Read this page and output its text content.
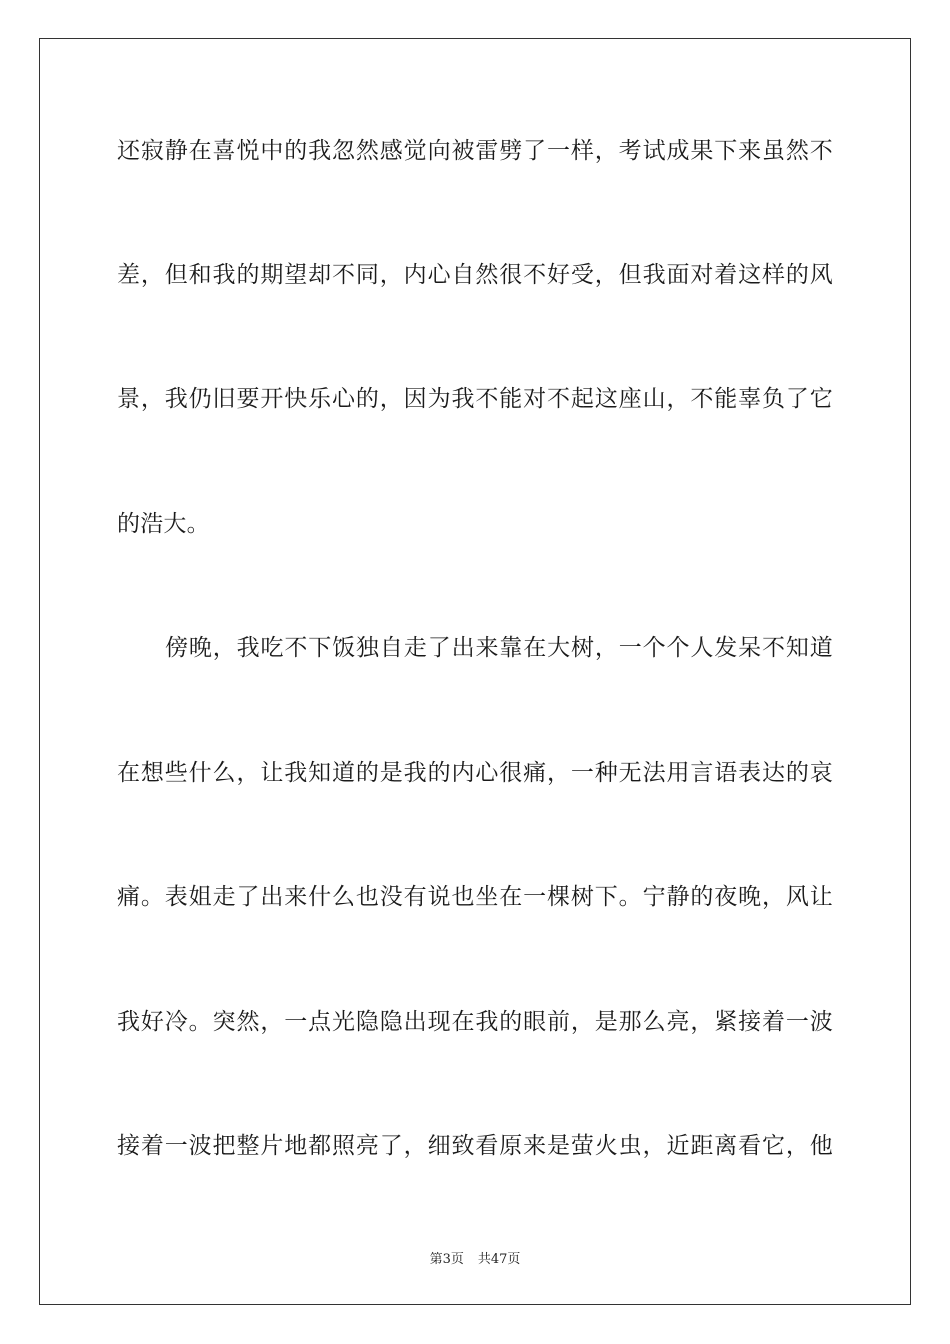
还寂静在喜悦中的我忽然感觉向被雷劈了一样，考试成果下来虽然不
差，但和我的期望却不同，内心自然很不好受，但我面对着这样的风
景，我仍旧要开快乐心的，因为我不能对不起这座山，不能辜负了它
的浩大。
傍晚，我吃不下饭独自走了出来靠在大树，一个个人发呆不知道
在想些什么，让我知道的是我的内心很痛，一种无法用言语表达的哀
痛。表姐走了出来什么也没有说也坐在一棵树下。宁静的夜晚，风让
我好冷。突然，一点光隐隐出现在我的眼前，是那么亮，紧接着一波
接着一波把整片地都照亮了，细致看原来是萤火虫，近距离看它，他
第3页 共47页
